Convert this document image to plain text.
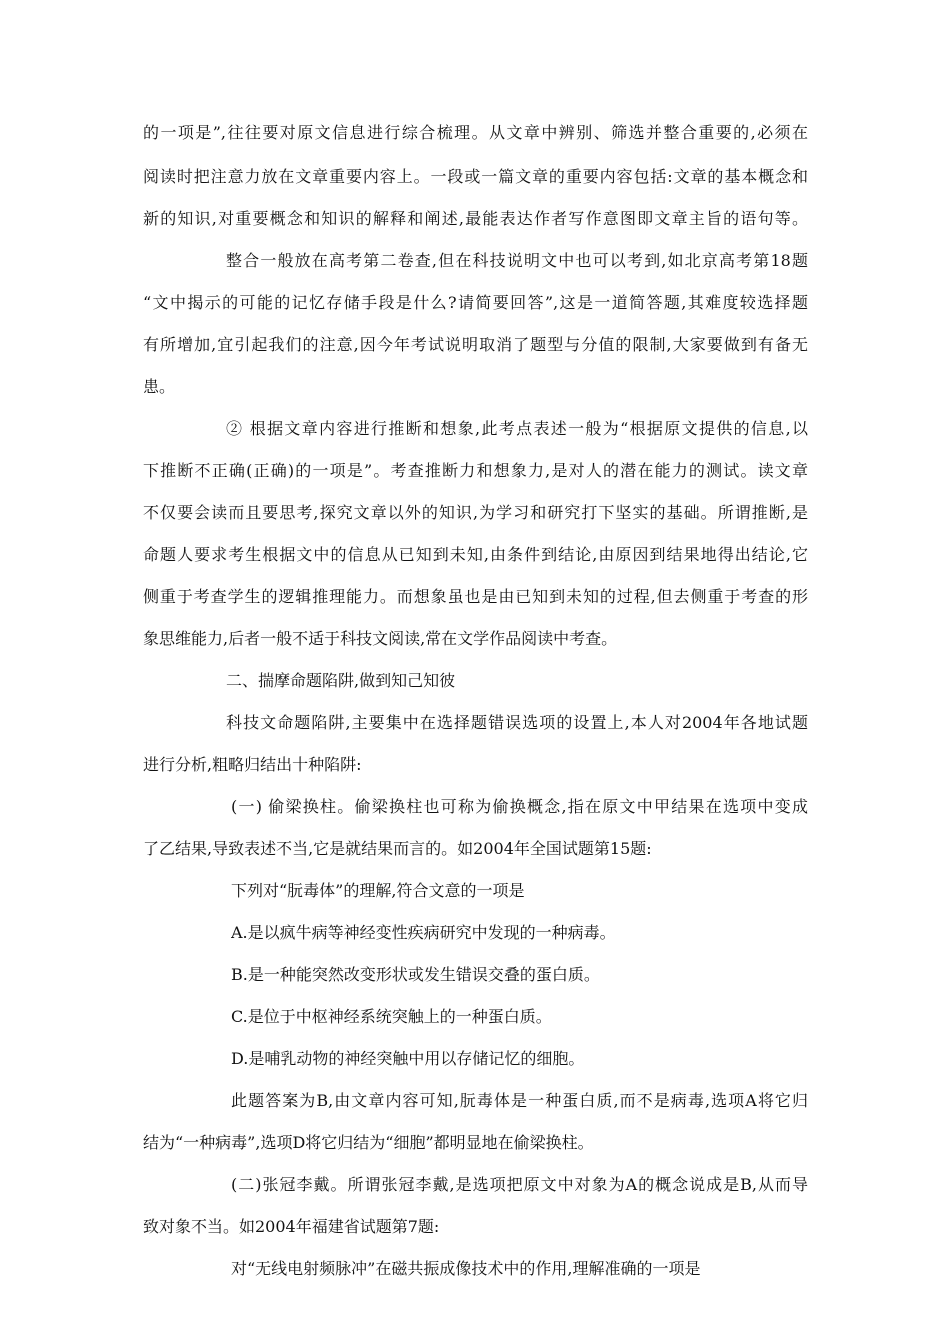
的一项是”,往往要对原文信息进行综合梳理。从文章中辨别、筛选并整合重要的,必须在
阅读时把注意力放在文章重要内容上。一段或一篇文章的重要内容包括:文章的基本概念和
新的知识,对重要概念和知识的解释和阐述,最能表达作者写作意图即文章主旨的语句等。
整合一般放在高考第二卷查,但在科技说明文中也可以考到,如北京高考第18题
“文中揭示的可能的记忆存储手段是什么?请简要回答”,这是一道简答题,其难度较选择题
有所增加,宜引起我们的注意,因今年考试说明取消了题型与分值的限制,大家要做到有备无
患。
② 根据文章内容进行推断和想象,此考点表述一般为“根据原文提供的信息,以
下推断不正确(正确)的一项是”。考查推断力和想象力,是对人的潜在能力的测试。读文章
不仅要会读而且要思考,探究文章以外的知识,为学习和研究打下坚实的基础。所谓推断,是
命题人要求考生根据文中的信息从已知到未知,由条件到结论,由原因到结果地得出结论,它
侧重于考查学生的逻辑推理能力。而想象虽也是由已知到未知的过程,但去侧重于考查的形
象思维能力,后者一般不适于科技文阅读,常在文学作品阅读中考查。
二、揣摩命题陷阱,做到知己知彼
科技文命题陷阱,主要集中在选择题错误选项的设置上,本人对2004年各地试题
进行分析,粗略归结出十种陷阱:
(一) 偷梁换柱。偷梁换柱也可称为偷换概念,指在原文中甲结果在选项中变成
了乙结果,导致表述不当,它是就结果而言的。如2004年全国试题第15题:
下列对“朊毒体”的理解,符合文意的一项是
A.是以疯牛病等神经变性疾病研究中发现的一种病毒。
B.是一种能突然改变形状或发生错误交叠的蛋白质。
C.是位于中枢神经系统突触上的一种蛋白质。
D.是哺乳动物的神经突触中用以存储记忆的细胞。
此题答案为B,由文章内容可知,朊毒体是一种蛋白质,而不是病毒,选项A将它归
结为“一种病毒”,选项D将它归结为“细胞”都明显地在偷梁换柱。
(二)张冠李戴。所谓张冠李戴,是选项把原文中对象为A的概念说成是B,从而导
致对象不当。如2004年福建省试题第7题:
对“无线电射频脉冲”在磁共振成像技术中的作用,理解准确的一项是
